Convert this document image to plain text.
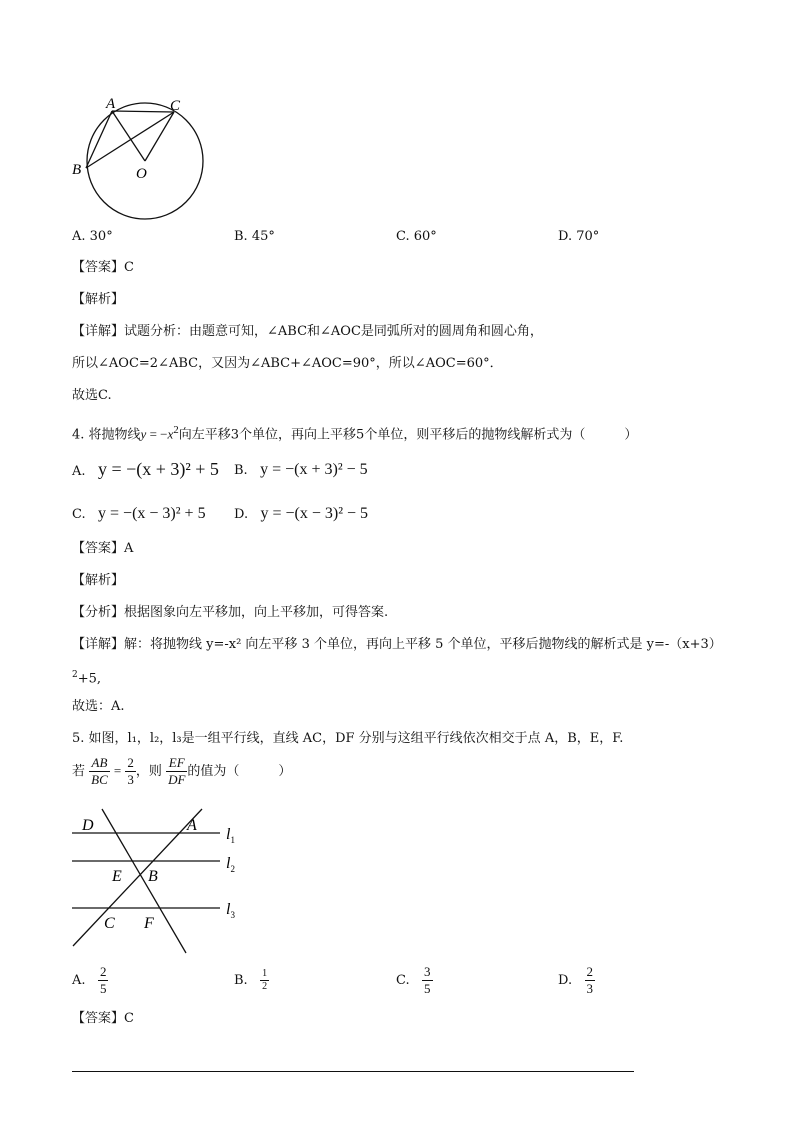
A	C
B	O
A. 30°	B. 45°	C. 60°	D. 70°
【答案】C
【解析】
【详解】试题分析：由题意可知，∠ABC和∠AOC是同弧所对的圆周角和圆心角，
所以∠AOC=2∠ABC，又因为∠ABC+∠AOC=90°，所以∠AOC=60°．
故选C.
4. 将抛物线$y = -x^2$向左平移3个单位，再向上平移5个单位，则平移后的抛物线解析式为（　　　）
A. y = −(x + 3)² + 5 B. y = −(x + 3)² − 5
C. y = −(x − 3)² + 5 D. y = −(x − 3)² − 5
【答案】A
【解析】
【分析】根据图象向左平移加，向上平移加，可得答案.
【详解】解：将抛物线 y=-x² 向左平移 3 个单位，再向上平移 5 个单位，平移后抛物线的解析式是 y=-（x+3）
$^2$+5,
故选：A.
5. 如图，l₁，l₂，l₃是一组平行线，直线 AC，DF 分别与这组平行线依次相交于点 A，B，E，F.
若 $\frac{AB}{BC} = \frac{2}{3}$ ，则 $\frac{EF}{DF}$ 的值为（　　　）
D	A
E B
C F
$l_1$
$l_2$
$l_3$
A. $\frac{2}{5}$	B. $\frac{1}{2}$	C. $\frac{3}{5}$	D. $\frac{2}{3}$
【答案】C
